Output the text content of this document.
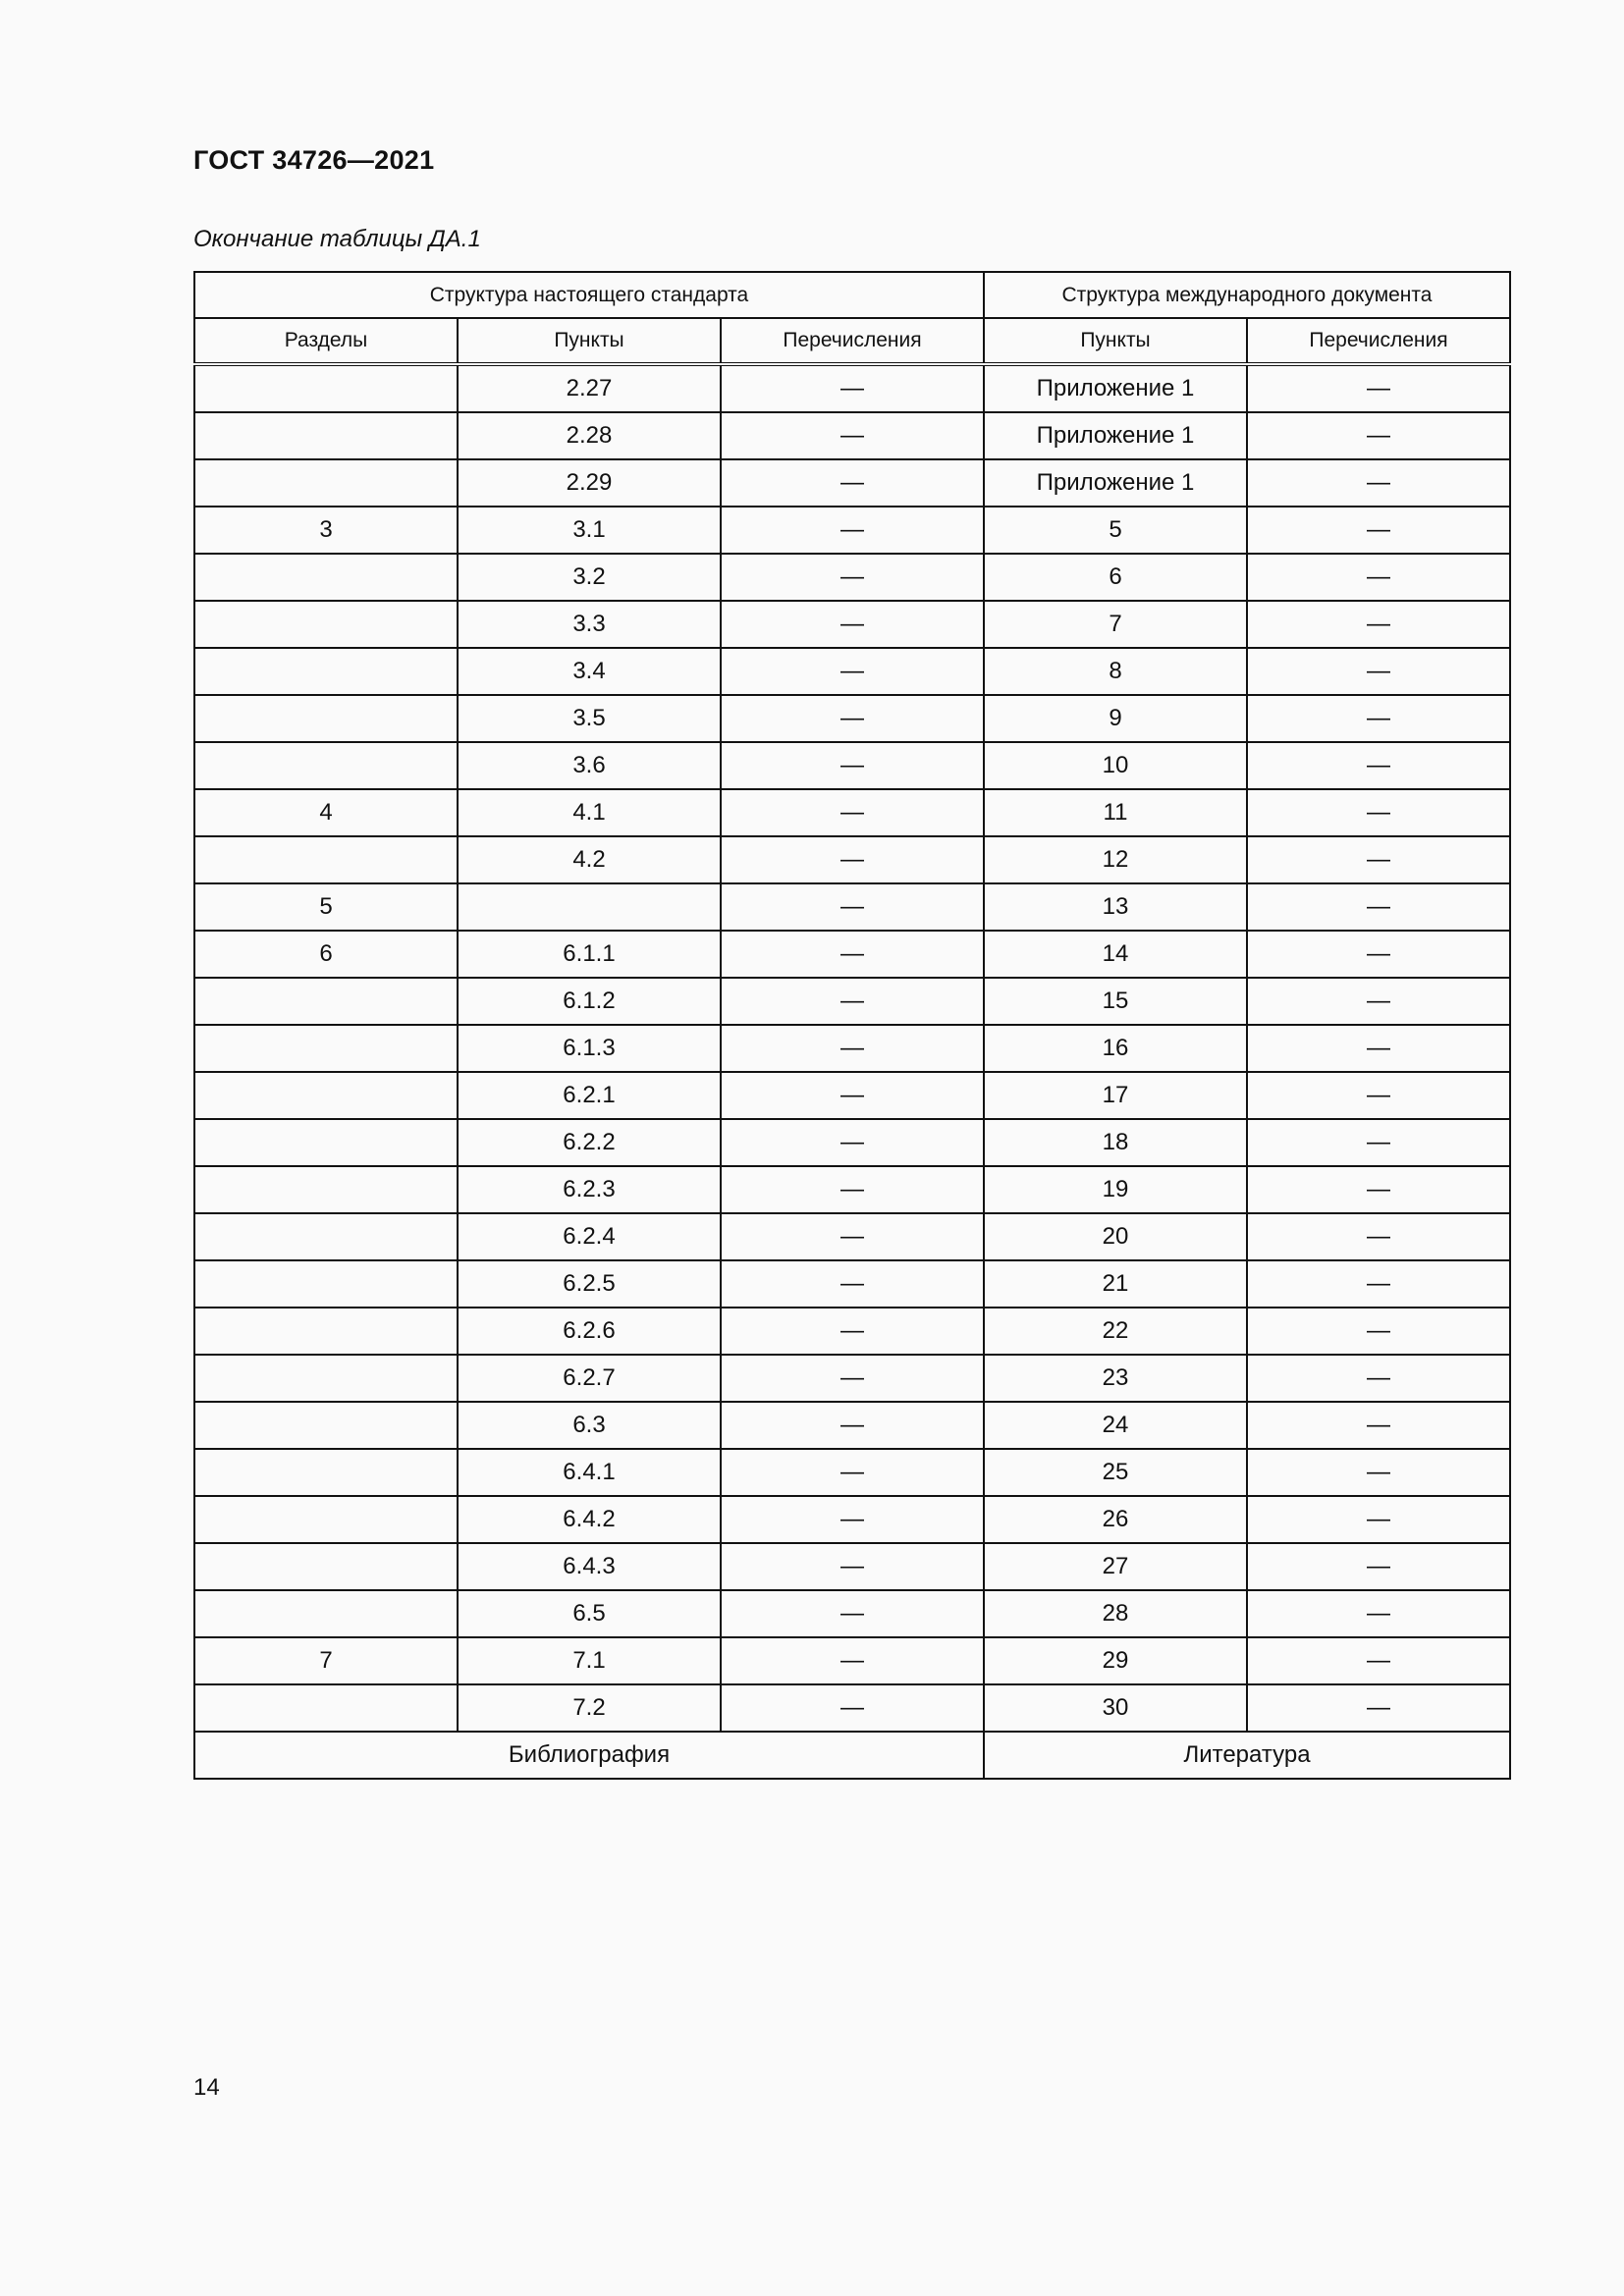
ГОСТ 34726—2021
Окончание таблицы ДА.1
Структура настоящего стандарта			Структура международного документа	
Разделы	Пункты	Перечисления	Пункты	Перечисления
	2.27	—	Приложение 1	—
	2.28	—	Приложение 1	—
	2.29	—	Приложение 1	—
3	3.1	—	5	—
	3.2	—	6	—
	3.3	—	7	—
	3.4	—	8	—
	3.5	—	9	—
	3.6	—	10	—
4	4.1	—	11	—
	4.2	—	12	—
5		—	13	—
6	6.1.1	—	14	—
	6.1.2	—	15	—
	6.1.3	—	16	—
	6.2.1	—	17	—
	6.2.2	—	18	—
	6.2.3	—	19	—
	6.2.4	—	20	—
	6.2.5	—	21	—
	6.2.6	—	22	—
	6.2.7	—	23	—
	6.3	—	24	—
	6.4.1	—	25	—
	6.4.2	—	26	—
	6.4.3	—	27	—
	6.5	—	28	—
7	7.1	—	29	—
	7.2	—	30	—
Библиография			Литература	
14
